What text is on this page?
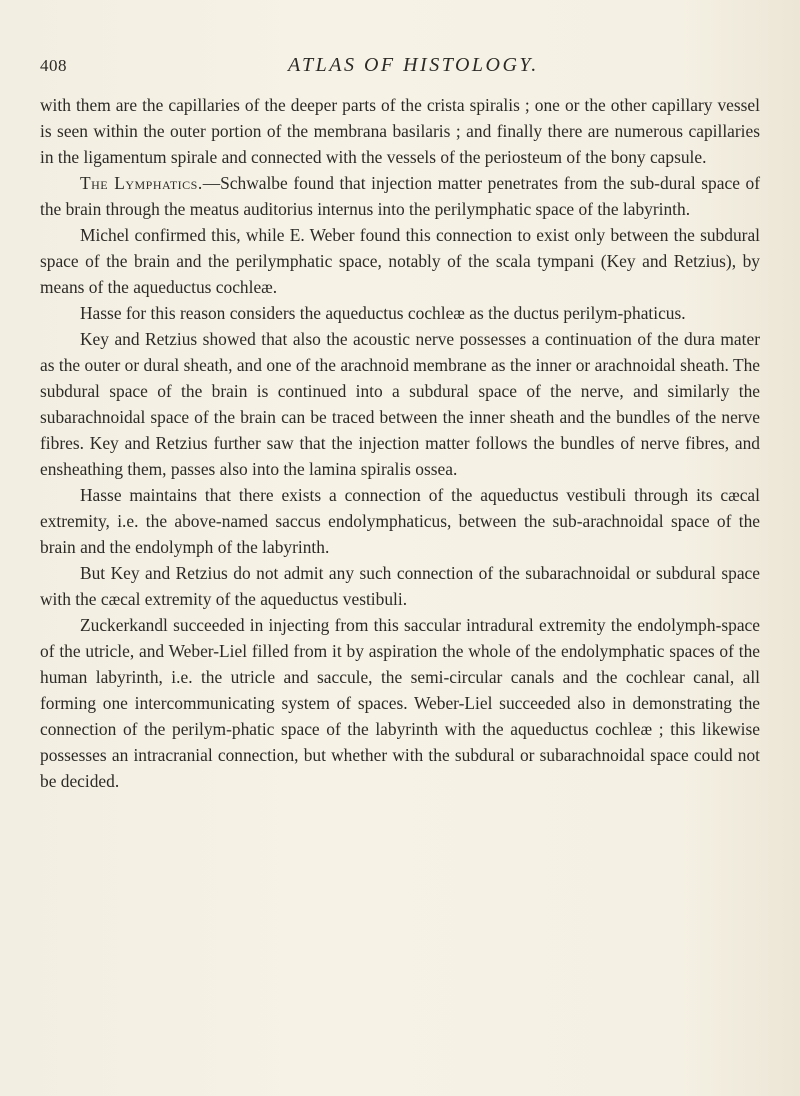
408	ATLAS OF HISTOLOGY.

with them are the capillaries of the deeper parts of the crista spiralis ; one or the other capillary vessel is seen within the outer portion of the membrana basilaris ; and finally there are numerous capillaries in the ligamentum spirale and connected with the vessels of the periosteum of the bony capsule.

The Lymphatics.—Schwalbe found that injection matter penetrates from the sub-dural space of the brain through the meatus auditorius internus into the perilymphatic space of the labyrinth.

Michel confirmed this, while E. Weber found this connection to exist only between the subdural space of the brain and the perilymphatic space, notably of the scala tympani (Key and Retzius), by means of the aqueductus cochleæ.

Hasse for this reason considers the aqueductus cochleæ as the ductus perilym-phaticus.

Key and Retzius showed that also the acoustic nerve possesses a continuation of the dura mater as the outer or dural sheath, and one of the arachnoid membrane as the inner or arachnoidal sheath. The subdural space of the brain is continued into a subdural space of the nerve, and similarly the subarachnoidal space of the brain can be traced between the inner sheath and the bundles of the nerve fibres. Key and Retzius further saw that the injection matter follows the bundles of nerve fibres, and ensheathing them, passes also into the lamina spiralis ossea.

Hasse maintains that there exists a connection of the aqueductus vestibuli through its cæcal extremity, i.e. the above-named saccus endolymphaticus, between the sub-arachnoidal space of the brain and the endolymph of the labyrinth.

But Key and Retzius do not admit any such connection of the subarachnoidal or subdural space with the cæcal extremity of the aqueductus vestibuli.

Zuckerkandl succeeded in injecting from this saccular intradural extremity the endolymph-space of the utricle, and Weber-Liel filled from it by aspiration the whole of the endolymphatic spaces of the human labyrinth, i.e. the utricle and saccule, the semi-circular canals and the cochlear canal, all forming one intercommunicating system of spaces. Weber-Liel succeeded also in demonstrating the connection of the perilym-phatic space of the labyrinth with the aqueductus cochleæ ; this likewise possesses an intracranial connection, but whether with the subdural or subarachnoidal space could not be decided.
